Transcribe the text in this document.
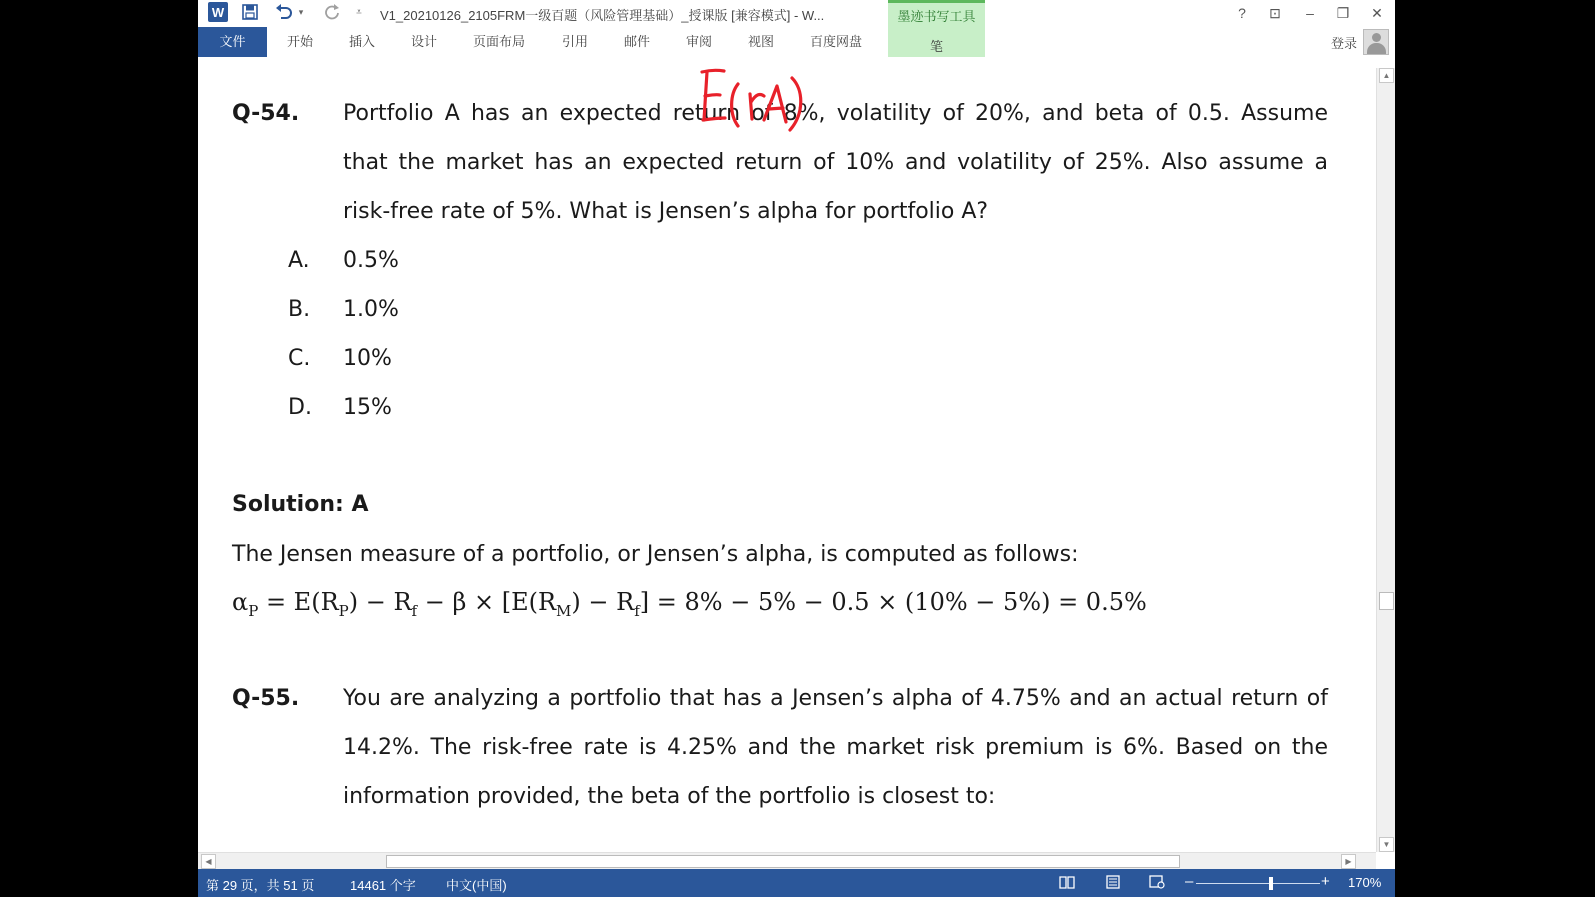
W	▾	⩡ V1_20210126_2105FRM一级百题（风险管理基础）_授课版 [兼容模式] - W...	?	⊡	–	❐	✕
墨迹书写工具
笔
文件	开始	插入	设计	页面布局	引用	邮件	审阅	视图	百度网盘	登录
Q-54. Portfolio A has an expected return of 8%, volatility of 20%, and beta of 0.5. Assume
that the market has an expected return of 10% and volatility of 25%. Also assume a
risk-free rate of 5%. What is Jensen’s alpha for portfolio A?
A. 0.5%
B. 1.0%
C. 10%
D. 15%
Solution: A
The Jensen measure of a portfolio, or Jensen’s alpha, is computed as follows:
$\alpha_P = E(R_P) - R_f - \beta \times [E(R_M) - R_f] = 8\% - 5\% - 0.5 \times (10\% - 5\%) = 0.5\%$
Q-55. You are analyzing a portfolio that has a Jensen’s alpha of 4.75% and an actual return of
14.2%. The risk-free rate is 4.25% and the market risk premium is 6%. Based on the
information provided, the beta of the portfolio is closest to:
▲
▼
◀	▶
第 29 页，共 51 页	14461 个字 中文(中国)	–	+ 170%
